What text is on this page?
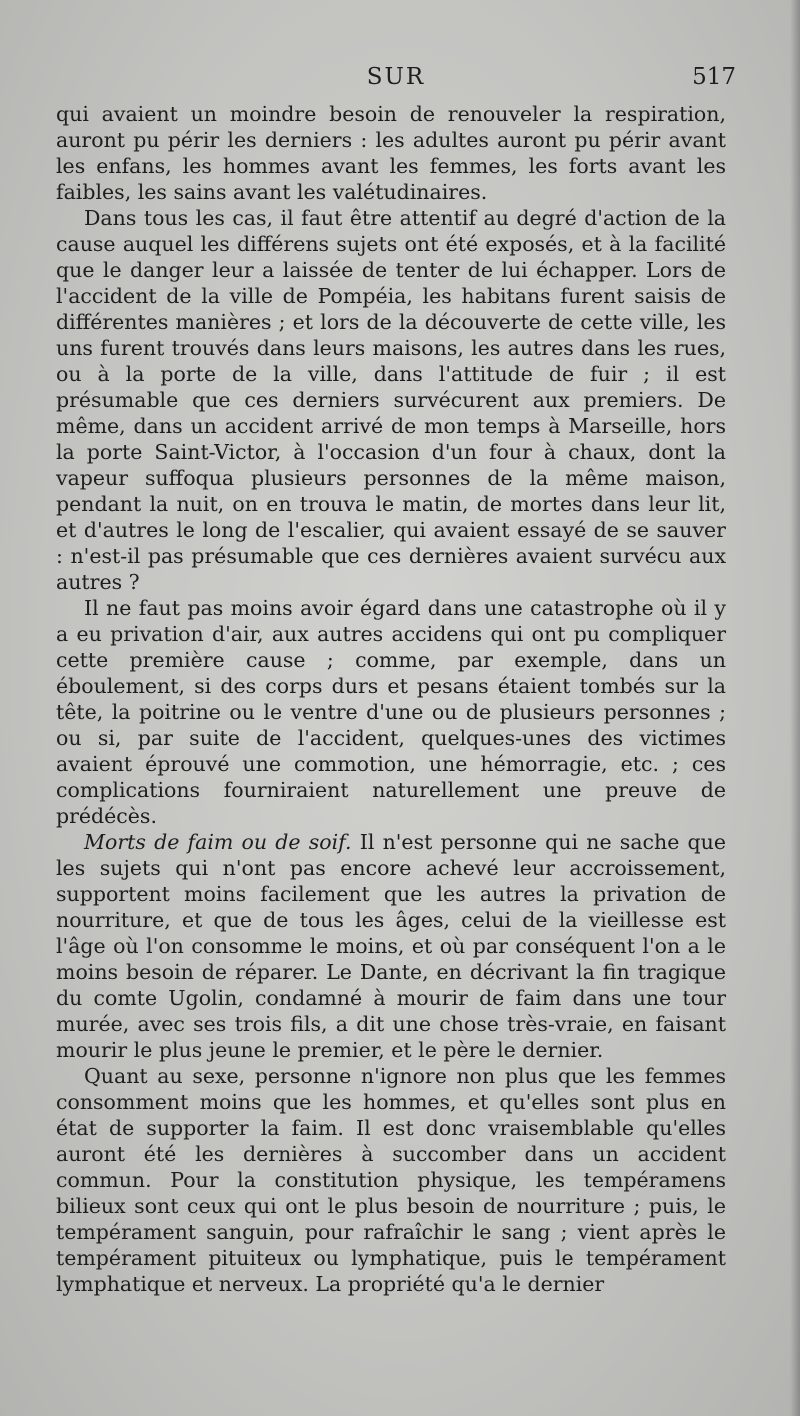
SUR	517

qui avaient un moindre besoin de renouveler la respiration, auront pu périr les derniers : les adultes auront pu périr avant les enfans, les hommes avant les femmes, les forts avant les faibles, les sains avant les valétudinaires.

Dans tous les cas, il faut être attentif au degré d'action de la cause auquel les différens sujets ont été exposés, et à la facilité que le danger leur a laissée de tenter de lui échapper. Lors de l'accident de la ville de Pompéia, les habitans furent saisis de différentes manières ; et lors de la découverte de cette ville, les uns furent trouvés dans leurs maisons, les autres dans les rues, ou à la porte de la ville, dans l'attitude de fuir ; il est présumable que ces derniers survécurent aux premiers. De même, dans un accident arrivé de mon temps à Marseille, hors la porte Saint-Victor, à l'occasion d'un four à chaux, dont la vapeur suffoqua plusieurs personnes de la même maison, pendant la nuit, on en trouva le matin, de mortes dans leur lit, et d'autres le long de l'escalier, qui avaient essayé de se sauver : n'est-il pas présumable que ces dernières avaient survécu aux autres ?

Il ne faut pas moins avoir égard dans une catastrophe où il y a eu privation d'air, aux autres accidens qui ont pu compliquer cette première cause ; comme, par exemple, dans un éboulement, si des corps durs et pesans étaient tombés sur la tête, la poitrine ou le ventre d'une ou de plusieurs personnes ; ou si, par suite de l'accident, quelques-unes des victimes avaient éprouvé une commotion, une hémorragie, etc. ; ces complications fourniraient naturellement une preuve de prédécès.

Morts de faim ou de soif. Il n'est personne qui ne sache que les sujets qui n'ont pas encore achevé leur accroissement, supportent moins facilement que les autres la privation de nourriture, et que de tous les âges, celui de la vieillesse est l'âge où l'on consomme le moins, et où par conséquent l'on a le moins besoin de réparer. Le Dante, en décrivant la fin tragique du comte Ugolin, condamné à mourir de faim dans une tour murée, avec ses trois fils, a dit une chose très-vraie, en faisant mourir le plus jeune le premier, et le père le dernier.

Quant au sexe, personne n'ignore non plus que les femmes consomment moins que les hommes, et qu'elles sont plus en état de supporter la faim. Il est donc vraisemblable qu'elles auront été les dernières à succomber dans un accident commun. Pour la constitution physique, les tempéramens bilieux sont ceux qui ont le plus besoin de nourriture ; puis, le tempérament sanguin, pour rafraîchir le sang ; vient après le tempérament pituiteux ou lymphatique, puis le tempérament lymphatique et nerveux. La propriété qu'a le dernier
